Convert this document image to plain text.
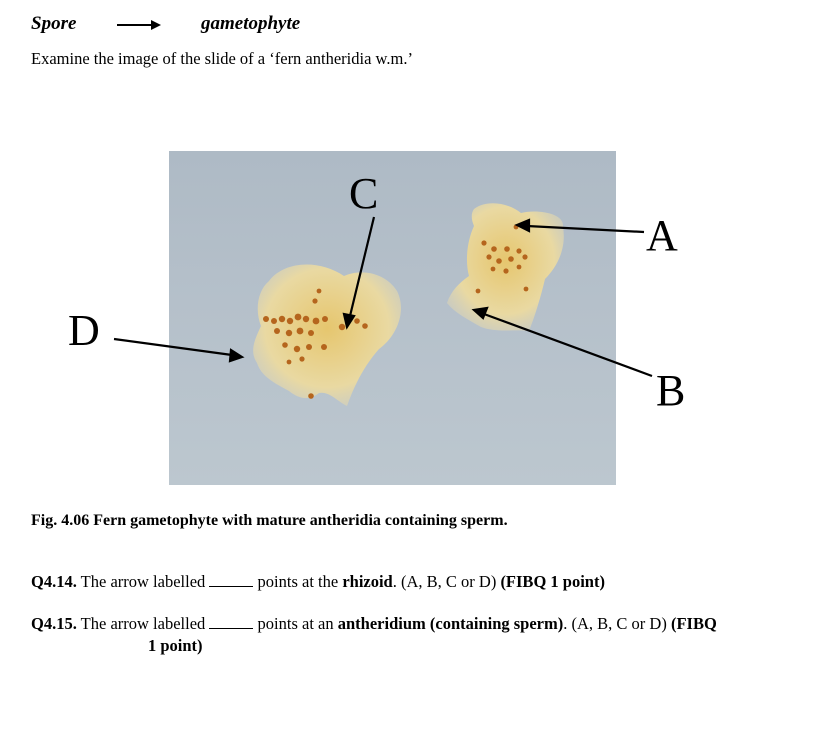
Spore	gametophyte
Examine the image of the slide of a ‘fern antheridia w.m.’
A
B
C
D
Fig. 4.06 Fern gametophyte with mature antheridia containing sperm.
Q4.14. The arrow labelled	points at the rhizoid. (A, B, C or D) (FIBQ 1 point)
Q4.15. The arrow labelled	points at an antheridium (containing sperm). (A, B, C or D) (FIBQ
1 point)
